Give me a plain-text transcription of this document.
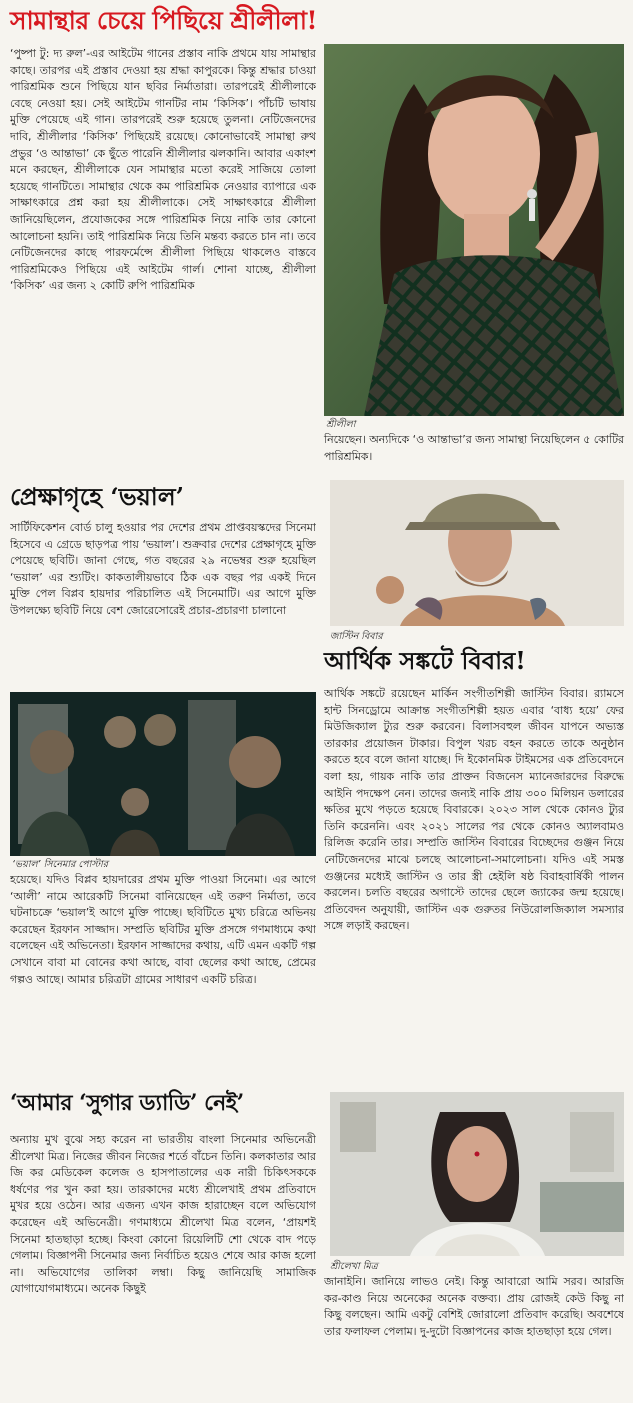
সামান্থার চেয়ে পিছিয়ে শ্রীলীলা!
‘পুষ্পা টু: দ্য রুল’-এর আইটেম গানের প্রস্তাব নাকি প্রথমে যায় সামান্থার কাছে। তারপর এই প্রস্তাব দেওয়া হয় শ্রদ্ধা কাপুরকে। কিন্তু শ্রদ্ধার চাওয়া পারিশ্রমিক শুনে পিছিয়ে যান ছবির নির্মাতারা। তারপরেই শ্রীলীলাকে বেছে নেওয়া হয়। সেই আইটেম গানটির নাম ‘কিসিক’। পাঁচটি ভাষায় মুক্তি পেয়েছে এই গান। তারপরেই শুরু হয়েছে তুলনা। নেটিজেনদের দাবি, শ্রীলীলার ‘কিসিক’ পিছিয়েই রয়েছে। কোনোভাবেই সামান্থা রুথ প্রভুর ‘ও আন্তাভা’ কে ছুঁতে পারেনি শ্রীলীলার ঝলকানি। আবার একাংশ মনে করছেন, শ্রীলীলাকে যেন সামান্থার মতো করেই সাজিয়ে তোলা হয়েছে গানটিতে। সামান্থার থেকে কম পারিশ্রমিক নেওয়ার ব্যাপারে এক সাক্ষাৎকারে প্রশ্ন করা হয় শ্রীলীলাকে। সেই সাক্ষাৎকারে শ্রীলীলা জানিয়েছিলেন, প্রযোজকের সঙ্গে পারিশ্রমিক নিয়ে নাকি তার কোনো আলোচনা হয়নি। তাই পারিশ্রমিক নিয়ে তিনি মন্তব্য করতে চান না। তবে নেটিজেনদের কাছে পারফর্মেন্সে শ্রীলীলা পিছিয়ে থাকলেও বাস্তবে পারিশ্রমিকেও পিছিয়ে এই আইটেম গার্ল। শোনা যাচ্ছে, শ্রীলীলা ‘কিসিক’ এর জন্য ২ কোটি রুপি পারিশ্রমিক
শ্রীলীলা
নিয়েছেন। অন্যদিকে ‘ও আন্তাভা’র জন্য সামান্থা নিয়েছিলেন ৫ কোটির পারিশ্রমিক।
প্রেক্ষাগৃহে ‘ভয়াল’
সার্টিফিকেশন বোর্ড চালু হওয়ার পর দেশের প্রথম প্রাপ্তবয়স্কদের সিনেমা হিসেবে এ গ্রেডে ছাড়পত্র পায় ‘ভয়াল’। শুক্রবার দেশের প্রেক্ষাগৃহে মুক্তি পেয়েছে ছবিটি। জানা গেছে, গত বছরের ২৯ নভেম্বর শুরু হয়েছিল ‘ভয়াল’ এর শ্যুটিং। কাকতালীয়ভাবে ঠিক এক বছর পর একই দিনে মুক্তি পেল বিপ্লব হায়দার পরিচালিত এই সিনেমাটি। এর আগে মুক্তি উপলক্ষ্যে ছবিটি নিয়ে বেশ জোরেসোরেই প্রচার-প্রচারণা চালানো
‘ভয়াল’ সিনেমার পোস্টার
হয়েছে। যদিও বিপ্লব হায়দারের প্রথম মুক্তি পাওয়া সিনেমা। এর আগে ‘আলী’ নামে আরেকটি সিনেমা বানিয়েছেন এই তরুণ নির্মাতা, তবে ঘটনাচক্রে ‘ভয়াল’ই আগে মুক্তি পাচ্ছে। ছবিটিতে মুখ্য চরিত্রে অভিনয় করেছেন ইরফান সাজ্জাদ। সম্প্রতি ছবিটির মুক্তি প্রসঙ্গে গণমাধ্যমে কথা বলেছেন এই অভিনেতা। ইরফান সাজ্জাদের কথায়, এটি এমন একটি গল্প সেখানে বাবা মা বোনের কথা আছে, বাবা ছেলের কথা আছে, প্রেমের গল্পও আছে। আমার চরিত্রটা গ্রামের সাধারণ একটি চরিত্র।
‘আমার ‘সুগার ড্যাডি’ নেই’
অন্যায় মুখ বুঝে সহ্য করেন না ভারতীয় বাংলা সিনেমার অভিনেত্রী শ্রীলেখা মিত্র। নিজের জীবন নিজের শর্তে বাঁচেন তিনি। কলকাতার আর জি কর মেডিকেল কলেজ ও হাসপাতালের এক নারী চিকিৎসককে ধর্ষণের পর খুন করা হয়। তারকাদের মধ্যে শ্রীলেখাই প্রথম প্রতিবাদে মুখর হয়ে ওঠেন। আর এজন্য এখন কাজ হারাচ্ছেন বলে অভিযোগ করেছেন এই অভিনেত্রী। গণমাধ্যমে শ্রীলেখা মিত্র বলেন, ‘প্রায়শই সিনেমা হাতছাড়া হচ্ছে। কিংবা কোনো রিয়েলিটি শো থেকে বাদ পড়ে গেলাম। বিজ্ঞাপনী সিনেমার জন্য নির্বাচিত হয়েও শেষে আর কাজ হলো না। অভিযোগের তালিকা লম্বা। কিছু জানিয়েছি সামাজিক যোগাযোগমাধ্যমে। অনেক কিছুই
জাস্টিন বিবার
আর্থিক সঙ্কটে বিবার!
আর্থিক সঙ্কটে রয়েছেন মার্কিন সংগীতশিল্পী জাস্টিন বিবার। র‍্যামসে হান্ট সিনড্রোমে আক্রান্ত সংগীতশিল্পী হয়ত এবার ‘বাধ্য হয়ে’ ফের মিউজিক্যাল ট্যুর শুরু করবেন। বিলাসবহুল জীবন যাপনে অভ্যস্ত তারকার প্রয়োজন টাকার। বিপুল খরচ বহন করতে তাকে অনুষ্ঠান করতে হবে বলে জানা যাচ্ছে। দি ইকোনমিক টাইমসের এক প্রতিবেদনে বলা হয়, গায়ক নাকি তার প্রাক্তন বিজনেস ম্যানেজারদের বিরুদ্ধে আইনি পদক্ষেপ নেন। তাদের জন্যই নাকি প্রায় ৩০০ মিলিয়ন ডলারের ক্ষতির মুখে পড়তে হয়েছে বিবারকে। ২০২৩ সাল থেকে কোনও ট্যুর তিনি করেননি। এবং ২০২১ সালের পর থেকে কোনও অ্যালবামও রিলিজ করেনি তার। সম্প্রতি জাস্টিন বিবারের বিচ্ছেদের গুঞ্জন নিয়ে নেটিজেনদের মাঝে চলছে আলোচনা-সমালোচনা। যদিও এই সমস্ত গুঞ্জনের মধ্যেই জাস্টিন ও তার স্ত্রী হেইলি ষষ্ঠ বিবাহবার্ষিকী পালন করলেন। চলতি বছরের অগাস্টে তাদের ছেলে জ্যাকের জন্ম হয়েছে। প্রতিবেদন অনুযায়ী, জাস্টিন এক গুরুতর নিউরোলজিক্যাল সমস্যার সঙ্গে লড়াই করছেন।
শ্রীলেখা মিত্র
জানাইনি। জানিয়ে লাভও নেই। কিন্তু আবারো আমি সরব। আরজি কর-কাণ্ড নিয়ে অনেকের অনেক বক্তব্য। প্রায় রোজই কেউ কিছু না কিছু বলছেন। আমি একটু বেশিই জোরালো প্রতিবাদ করেছি। অবশেষে তার ফলাফল পেলাম। দু-দুটো বিজ্ঞাপনের কাজ হাতছাড়া হয়ে গেল।
